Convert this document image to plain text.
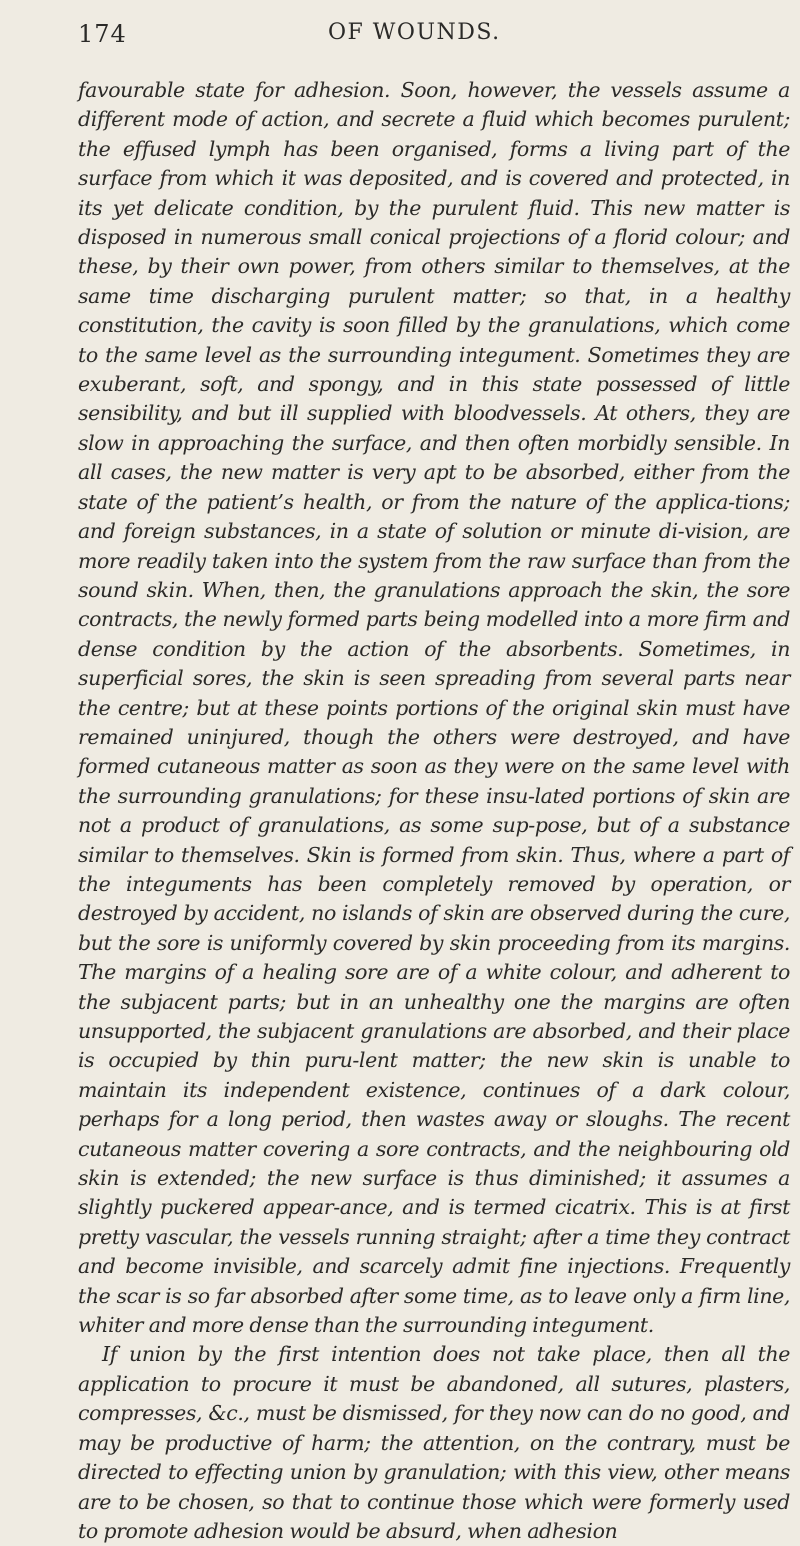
174	OF WOUNDS.

favourable state for adhesion. Soon, however, the vessels assume a different mode of action, and secrete a fluid which becomes purulent; the effused lymph has been organised, forms a living part of the surface from which it was deposited, and is covered and protected, in its yet delicate condition, by the purulent fluid. This new matter is disposed in numerous small conical projections of a florid colour; and these, by their own power, from others similar to themselves, at the same time discharging purulent matter; so that, in a healthy constitution, the cavity is soon filled by the granulations, which come to the same level as the surrounding integument. Sometimes they are exuberant, soft, and spongy, and in this state possessed of little sensibility, and but ill supplied with bloodvessels. At others, they are slow in approaching the surface, and then often morbidly sensible. In all cases, the new matter is very apt to be absorbed, either from the state of the patient’s health, or from the nature of the applica-tions; and foreign substances, in a state of solution or minute di-vision, are more readily taken into the system from the raw surface than from the sound skin. When, then, the granulations approach the skin, the sore contracts, the newly formed parts being modelled into a more firm and dense condition by the action of the absorbents. Sometimes, in superficial sores, the skin is seen spreading from several parts near the centre; but at these points portions of the original skin must have remained uninjured, though the others were destroyed, and have formed cutaneous matter as soon as they were on the same level with the surrounding granulations; for these insu-lated portions of skin are not a product of granulations, as some sup-pose, but of a substance similar to themselves. Skin is formed from skin. Thus, where a part of the integuments has been completely removed by operation, or destroyed by accident, no islands of skin are observed during the cure, but the sore is uniformly covered by skin proceeding from its margins. The margins of a healing sore are of a white colour, and adherent to the subjacent parts; but in an unhealthy one the margins are often unsupported, the subjacent granulations are absorbed, and their place is occupied by thin puru-lent matter; the new skin is unable to maintain its independent existence, continues of a dark colour, perhaps for a long period, then wastes away or sloughs. The recent cutaneous matter covering a sore contracts, and the neighbouring old skin is extended; the new surface is thus diminished; it assumes a slightly puckered appear-ance, and is termed cicatrix. This is at first pretty vascular, the vessels running straight; after a time they contract and become invisible, and scarcely admit fine injections. Frequently the scar is so far absorbed after some time, as to leave only a firm line, whiter and more dense than the surrounding integument.

If union by the first intention does not take place, then all the application to procure it must be abandoned, all sutures, plasters, compresses, &c., must be dismissed, for they now can do no good, and may be productive of harm; the attention, on the contrary, must be directed to effecting union by granulation; with this view, other means are to be chosen, so that to continue those which were formerly used to promote adhesion would be absurd, when adhesion
